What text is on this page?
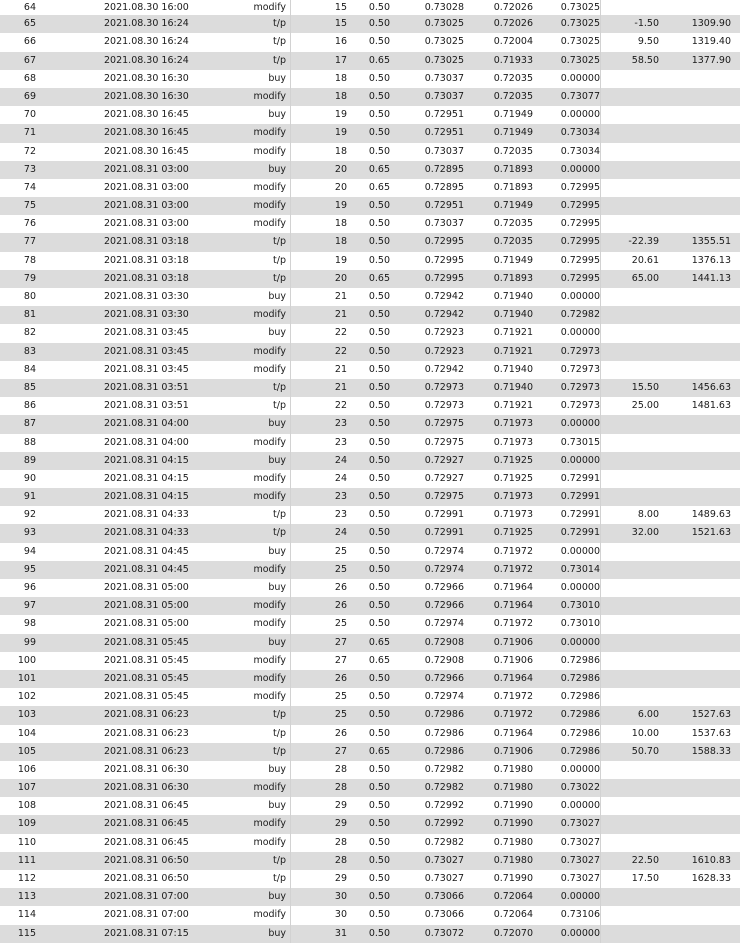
64	2021.08.30 16:00	modify	15	0.50	0.73028	0.72026	0.73025
65	2021.08.30 16:24	t/p	15	0.50	0.73025	0.72026	0.73025	-1.50	1309.90
66	2021.08.30 16:24	t/p	16	0.50	0.73025	0.72004	0.73025	9.50	1319.40
67	2021.08.30 16:24	t/p	17	0.65	0.73025	0.71933	0.73025	58.50	1377.90
68	2021.08.30 16:30	buy	18	0.50	0.73037	0.72035	0.00000
69	2021.08.30 16:30	modify	18	0.50	0.73037	0.72035	0.73077
70	2021.08.30 16:45	buy	19	0.50	0.72951	0.71949	0.00000
71	2021.08.30 16:45	modify	19	0.50	0.72951	0.71949	0.73034
72	2021.08.30 16:45	modify	18	0.50	0.73037	0.72035	0.73034
73	2021.08.31 03:00	buy	20	0.65	0.72895	0.71893	0.00000
74	2021.08.31 03:00	modify	20	0.65	0.72895	0.71893	0.72995
75	2021.08.31 03:00	modify	19	0.50	0.72951	0.71949	0.72995
76	2021.08.31 03:00	modify	18	0.50	0.73037	0.72035	0.72995
77	2021.08.31 03:18	t/p	18	0.50	0.72995	0.72035	0.72995	-22.39	1355.51
78	2021.08.31 03:18	t/p	19	0.50	0.72995	0.71949	0.72995	20.61	1376.13
79	2021.08.31 03:18	t/p	20	0.65	0.72995	0.71893	0.72995	65.00	1441.13
80	2021.08.31 03:30	buy	21	0.50	0.72942	0.71940	0.00000
81	2021.08.31 03:30	modify	21	0.50	0.72942	0.71940	0.72982
82	2021.08.31 03:45	buy	22	0.50	0.72923	0.71921	0.00000
83	2021.08.31 03:45	modify	22	0.50	0.72923	0.71921	0.72973
84	2021.08.31 03:45	modify	21	0.50	0.72942	0.71940	0.72973
85	2021.08.31 03:51	t/p	21	0.50	0.72973	0.71940	0.72973	15.50	1456.63
86	2021.08.31 03:51	t/p	22	0.50	0.72973	0.71921	0.72973	25.00	1481.63
87	2021.08.31 04:00	buy	23	0.50	0.72975	0.71973	0.00000
88	2021.08.31 04:00	modify	23	0.50	0.72975	0.71973	0.73015
89	2021.08.31 04:15	buy	24	0.50	0.72927	0.71925	0.00000
90	2021.08.31 04:15	modify	24	0.50	0.72927	0.71925	0.72991
91	2021.08.31 04:15	modify	23	0.50	0.72975	0.71973	0.72991
92	2021.08.31 04:33	t/p	23	0.50	0.72991	0.71973	0.72991	8.00	1489.63
93	2021.08.31 04:33	t/p	24	0.50	0.72991	0.71925	0.72991	32.00	1521.63
94	2021.08.31 04:45	buy	25	0.50	0.72974	0.71972	0.00000
95	2021.08.31 04:45	modify	25	0.50	0.72974	0.71972	0.73014
96	2021.08.31 05:00	buy	26	0.50	0.72966	0.71964	0.00000
97	2021.08.31 05:00	modify	26	0.50	0.72966	0.71964	0.73010
98	2021.08.31 05:00	modify	25	0.50	0.72974	0.71972	0.73010
99	2021.08.31 05:45	buy	27	0.65	0.72908	0.71906	0.00000
100	2021.08.31 05:45	modify	27	0.65	0.72908	0.71906	0.72986
101	2021.08.31 05:45	modify	26	0.50	0.72966	0.71964	0.72986
102	2021.08.31 05:45	modify	25	0.50	0.72974	0.71972	0.72986
103	2021.08.31 06:23	t/p	25	0.50	0.72986	0.71972	0.72986	6.00	1527.63
104	2021.08.31 06:23	t/p	26	0.50	0.72986	0.71964	0.72986	10.00	1537.63
105	2021.08.31 06:23	t/p	27	0.65	0.72986	0.71906	0.72986	50.70	1588.33
106	2021.08.31 06:30	buy	28	0.50	0.72982	0.71980	0.00000
107	2021.08.31 06:30	modify	28	0.50	0.72982	0.71980	0.73022
108	2021.08.31 06:45	buy	29	0.50	0.72992	0.71990	0.00000
109	2021.08.31 06:45	modify	29	0.50	0.72992	0.71990	0.73027
110	2021.08.31 06:45	modify	28	0.50	0.72982	0.71980	0.73027
111	2021.08.31 06:50	t/p	28	0.50	0.73027	0.71980	0.73027	22.50	1610.83
112	2021.08.31 06:50	t/p	29	0.50	0.73027	0.71990	0.73027	17.50	1628.33
113	2021.08.31 07:00	buy	30	0.50	0.73066	0.72064	0.00000
114	2021.08.31 07:00	modify	30	0.50	0.73066	0.72064	0.73106
115	2021.08.31 07:15	buy	31	0.50	0.73072	0.72070	0.00000
